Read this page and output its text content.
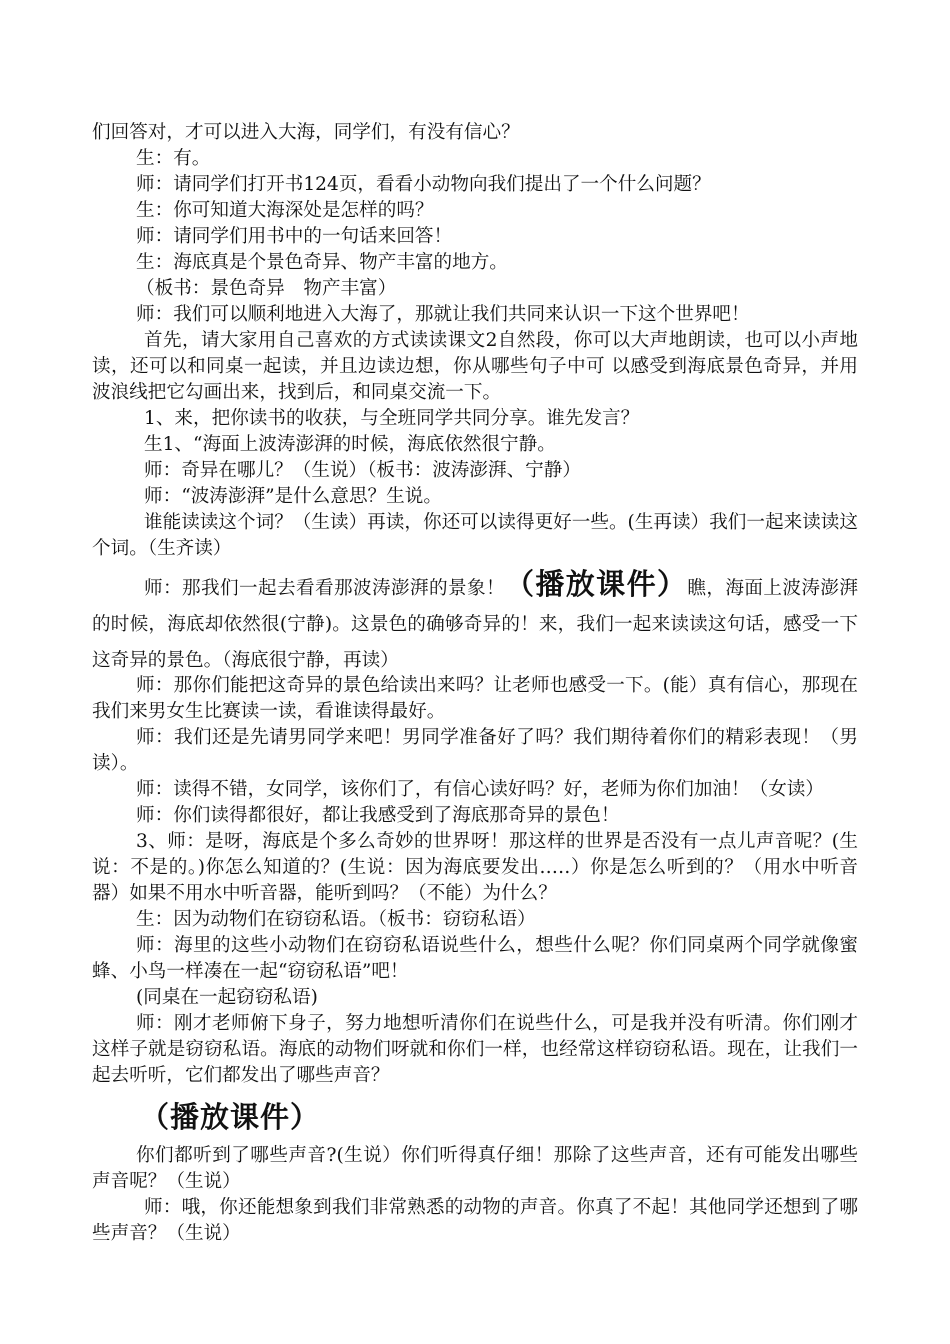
们回答对，才可以进入大海，同学们，有没有信心？

生：有。

师：请同学们打开书124页，看看小动物向我们提出了一个什么问题？

生：你可知道大海深处是怎样的吗？

师：请同学们用书中的一句话来回答！

生：海底真是个景色奇异、物产丰富的地方。

（板书：景色奇异　物产丰富）

师：我们可以顺利地进入大海了，那就让我们共同来认识一下这个世界吧！

首先，请大家用自己喜欢的方式读读课文2自然段，你可以大声地朗读，也可以小声地读，还可以和同桌一起读，并且边读边想，你从哪些句子中可 以感受到海底景色奇异，并用波浪线把它勾画出来，找到后，和同桌交流一下。

1、来，把你读书的收获，与全班同学共同分享。谁先发言？

生1、“海面上波涛澎湃的时候，海底依然很宁静。

师：奇异在哪儿？（生说）（板书：波涛澎湃、宁静）

师：“波涛澎湃”是什么意思？生说。

谁能读读这个词？（生读）再读，你还可以读得更好一些。(生再读）我们一起来读读这个词。（生齐读）

师：那我们一起去看看那波涛澎湃的景象！（播放课件）瞧，海面上波涛澎湃的时候，海底却依然很(宁静)。这景色的确够奇异的！来，我们一起来读读这句话，感受一下这奇异的景色。（海底很宁静，再读）

师：那你们能把这奇异的景色给读出来吗？让老师也感受一下。(能）真有信心，那现在我们来男女生比赛读一读，看谁读得最好。

师：我们还是先请男同学来吧！男同学准备好了吗？我们期待着你们的精彩表现！（男读）。

师：读得不错，女同学，该你们了，有信心读好吗？好，老师为你们加油！（女读）

师：你们读得都很好，都让我感受到了海底那奇异的景色！

3、师：是呀，海底是个多么奇妙的世界呀！那这样的世界是否没有一点儿声音呢？(生说：不是的。)你怎么知道的？(生说：因为海底要发出…‥）你是怎么听到的？（用水中听音器）如果不用水中听音器，能听到吗？（不能）为什么？

生：因为动物们在窃窃私语。（板书：窃窃私语）

师：海里的这些小动物们在窃窃私语说些什么，想些什么呢？你们同桌两个同学就像蜜蜂、小鸟一样凑在一起“窃窃私语”吧！

(同桌在一起窃窃私语)

师：刚才老师俯下身子，努力地想听清你们在说些什么，可是我并没有听清。你们刚才这样子就是窃窃私语。海底的动物们呀就和你们一样，也经常这样窃窃私语。现在，让我们一起去听听，它们都发出了哪些声音？

（播放课件）

你们都听到了哪些声音?(生说）你们听得真仔细！那除了这些声音，还有可能发出哪些声音呢？（生说）

师：哦，你还能想象到我们非常熟悉的动物的声音。你真了不起！其他同学还想到了哪些声音？（生说）
